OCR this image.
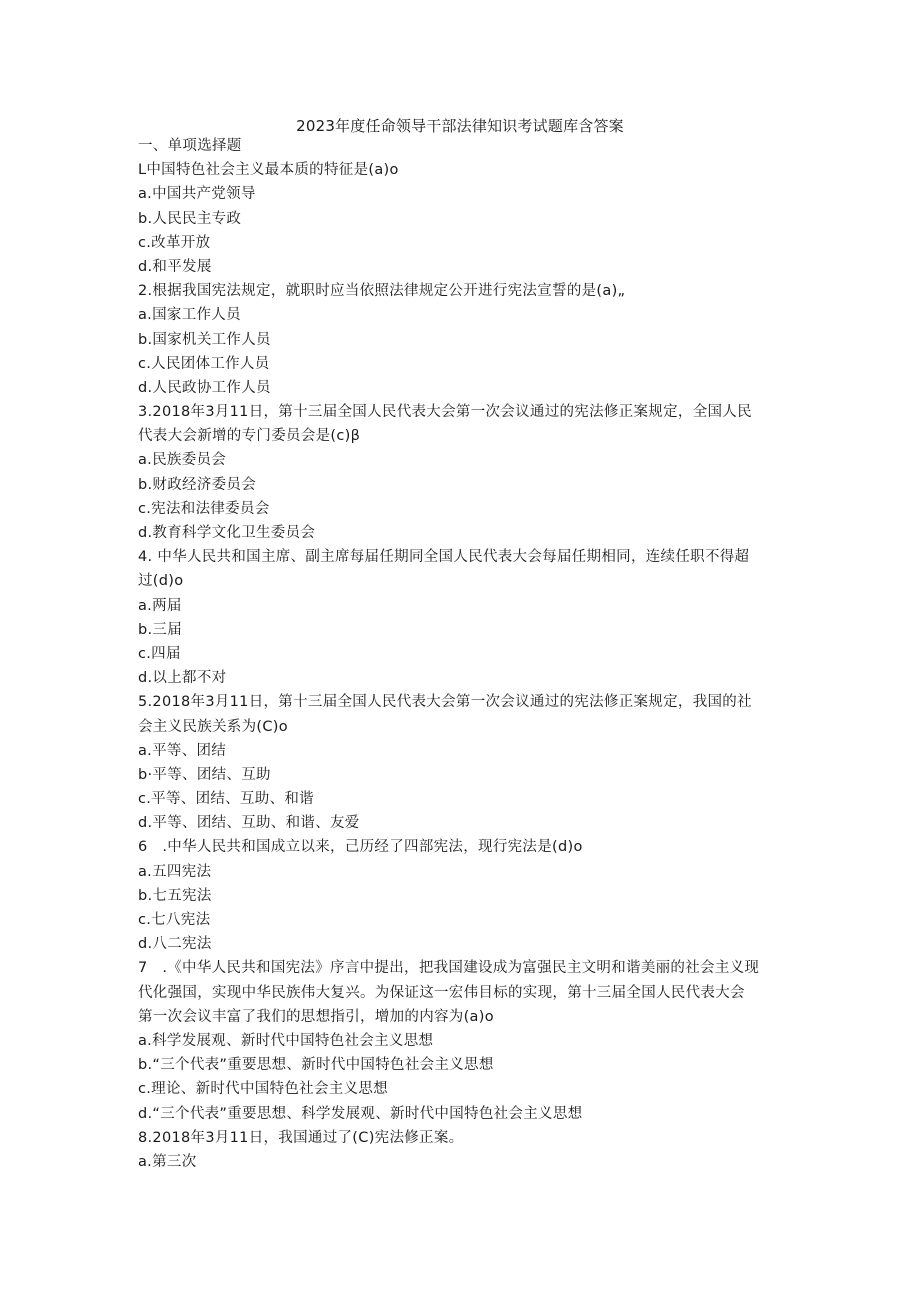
2023年度任命领导干部法律知识考试题库含答案
一、单项选择题
L中国特色社会主义最本质的特征是(a)o
a.中国共产党领导
b.人民民主专政
c.改革开放
d.和平发展
2.根据我国宪法规定，就职时应当依照法律规定公开进行宪法宣誓的是(a)„
a.国家工作人员
b.国家机关工作人员
c.人民团体工作人员
d.人民政协工作人员
3.2018年3月11日，第十三届全国人民代表大会第一次会议通过的宪法修正案规定，全国人民
代表大会新增的专门委员会是(c)β
a.民族委员会
b.财政经济委员会
c.宪法和法律委员会
d.教育科学文化卫生委员会
4. 中华人民共和国主席、副主席每届任期同全国人民代表大会每届任期相同，连续任职不得超
过(d)o
a.两届
b.三届
c.四届
d.以上都不对
5.2018年3月11日，第十三届全国人民代表大会第一次会议通过的宪法修正案规定，我国的社
会主义民族关系为(C)o
a.平等、团结
b·平等、团结、互助
c.平等、团结、互助、和谐
d.平等、团结、互助、和谐、友爱
6　.中华人民共和国成立以来，己历经了四部宪法，现行宪法是(d)o
a.五四宪法
b.七五宪法
c.七八宪法
d.八二宪法
7　.《中华人民共和国宪法》序言中提出，把我国建设成为富强民主文明和谐美丽的社会主义现
代化强国，实现中华民族伟大复兴。为保证这一宏伟目标的实现，第十三届全国人民代表大会
第一次会议丰富了我们的思想指引，增加的内容为(a)o
a.科学发展观、新时代中国特色社会主义思想
b.“三个代表”重要思想、新时代中国特色社会主义思想
c.理论、新时代中国特色社会主义思想
d.“三个代表”重要思想、科学发展观、新时代中国特色社会主义思想
8.2018年3月11日，我国通过了(C)宪法修正案。
a.第三次
